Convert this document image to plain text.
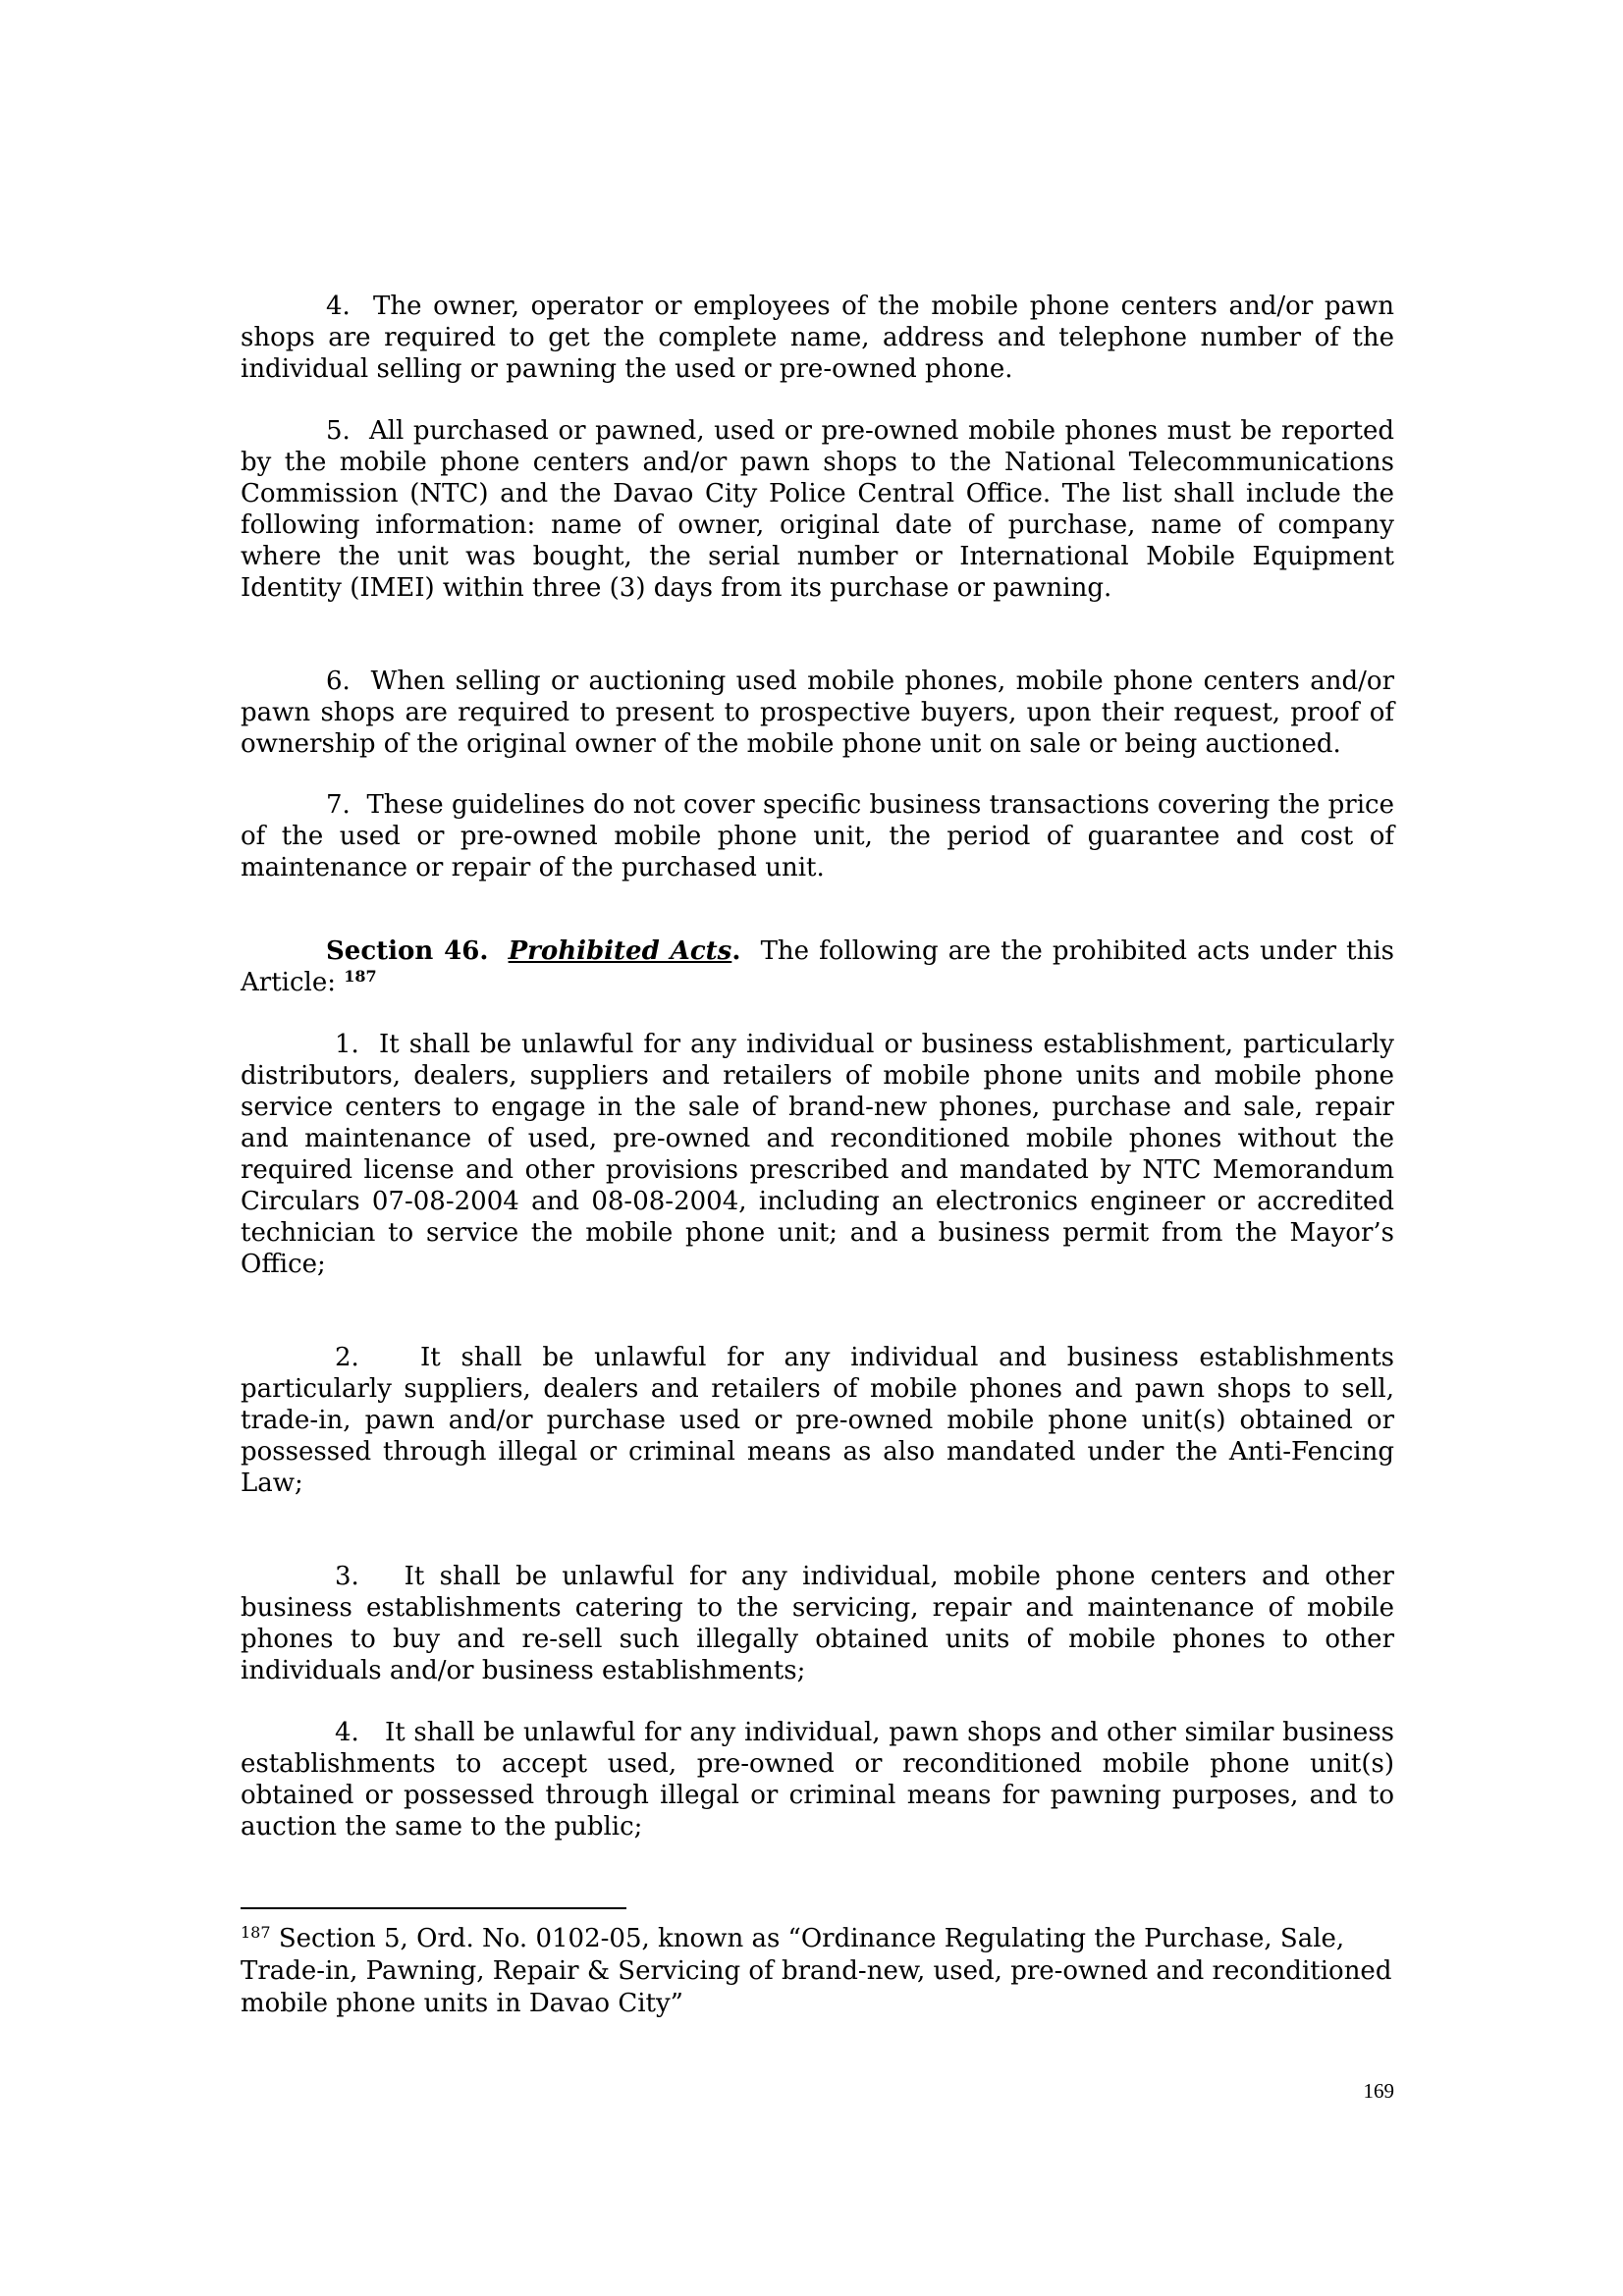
4. The owner, operator or employees of the mobile phone centers and/or pawn shops are required to get the complete name, address and telephone number of the individual selling or pawning the used or pre-owned phone.

5. All purchased or pawned, used or pre-owned mobile phones must be reported by the mobile phone centers and/or pawn shops to the National Telecommunications Commission (NTC) and the Davao City Police Central Office. The list shall include the following information: name of owner, original date of purchase, name of company where the unit was bought, the serial number or International Mobile Equipment Identity (IMEI) within three (3) days from its purchase or pawning.

6. When selling or auctioning used mobile phones, mobile phone centers and/or pawn shops are required to present to prospective buyers, upon their request, proof of ownership of the original owner of the mobile phone unit on sale or being auctioned.

7. These guidelines do not cover specific business transactions covering the price of the used or pre-owned mobile phone unit, the period of guarantee and cost of maintenance or repair of the purchased unit.

Section 46. Prohibited Acts. The following are the prohibited acts under this Article: $^{187}$

1. It shall be unlawful for any individual or business establishment, particularly distributors, dealers, suppliers and retailers of mobile phone units and mobile phone service centers to engage in the sale of brand-new phones, purchase and sale, repair and maintenance of used, pre-owned and reconditioned mobile phones without the required license and other provisions prescribed and mandated by NTC Memorandum Circulars 07-08-2004 and 08-08-2004, including an electronics engineer or accredited technician to service the mobile phone unit; and a business permit from the Mayor’s Office;

2. It shall be unlawful for any individual and business establishments particularly suppliers, dealers and retailers of mobile phones and pawn shops to sell, trade-in, pawn and/or purchase used or pre-owned mobile phone unit(s) obtained or possessed through illegal or criminal means as also mandated under the Anti-Fencing Law;

3. It shall be unlawful for any individual, mobile phone centers and other business establishments catering to the servicing, repair and maintenance of mobile phones to buy and re-sell such illegally obtained units of mobile phones to other individuals and/or business establishments;

4. It shall be unlawful for any individual, pawn shops and other similar business establishments to accept used, pre-owned or reconditioned mobile phone unit(s) obtained or possessed through illegal or criminal means for pawning purposes, and to auction the same to the public;

$^{187}$ Section 5, Ord. No. 0102-05, known as “Ordinance Regulating the Purchase, Sale, Trade-in, Pawning, Repair & Servicing of brand-new, used, pre-owned and reconditioned mobile phone units in Davao City”

169
